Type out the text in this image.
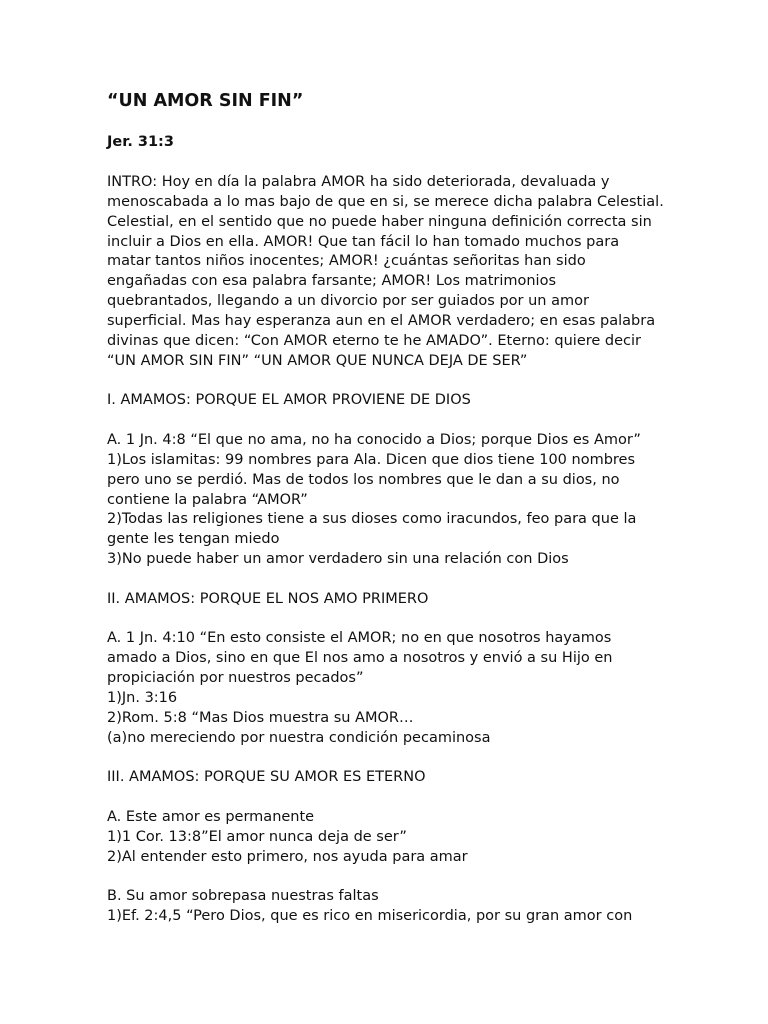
“UN AMOR SIN FIN”
Jer. 31:3
INTRO: Hoy en día la palabra AMOR ha sido deteriorada, devaluada y
menoscabada a lo mas bajo de que en si, se merece dicha palabra Celestial.
Celestial, en el sentido que no puede haber ninguna definición correcta sin
incluir a Dios en ella. AMOR! Que tan fácil lo han tomado muchos para
matar tantos niños inocentes; AMOR! ¿cuántas señoritas han sido
engañadas con esa palabra farsante; AMOR! Los matrimonios
quebrantados, llegando a un divorcio por ser guiados por un amor
superficial. Mas hay esperanza aun en el AMOR verdadero; en esas palabra
divinas que dicen: “Con AMOR eterno te he AMADO”. Eterno: quiere decir
“UN AMOR SIN FIN” “UN AMOR QUE NUNCA DEJA DE SER”
I. AMAMOS: PORQUE EL AMOR PROVIENE DE DIOS
A. 1 Jn. 4:8 “El que no ama, no ha conocido a Dios; porque Dios es Amor”
1)Los islamitas: 99 nombres para Ala. Dicen que dios tiene 100 nombres
pero uno se perdió. Mas de todos los nombres que le dan a su dios, no
contiene la palabra “AMOR”
2)Todas las religiones tiene a sus dioses como iracundos, feo para que la
gente les tengan miedo
3)No puede haber un amor verdadero sin una relación con Dios
II. AMAMOS: PORQUE EL NOS AMO PRIMERO
A. 1 Jn. 4:10 “En esto consiste el AMOR; no en que nosotros hayamos
amado a Dios, sino en que El nos amo a nosotros y envió a su Hijo en
propiciación por nuestros pecados”
1)Jn. 3:16
2)Rom. 5:8 “Mas Dios muestra su AMOR…
(a)no mereciendo por nuestra condición pecaminosa
III. AMAMOS: PORQUE SU AMOR ES ETERNO
A. Este amor es permanente
1)1 Cor. 13:8”El amor nunca deja de ser”
2)Al entender esto primero, nos ayuda para amar
B. Su amor sobrepasa nuestras faltas
1)Ef. 2:4,5 “Pero Dios, que es rico en misericordia, por su gran amor con
